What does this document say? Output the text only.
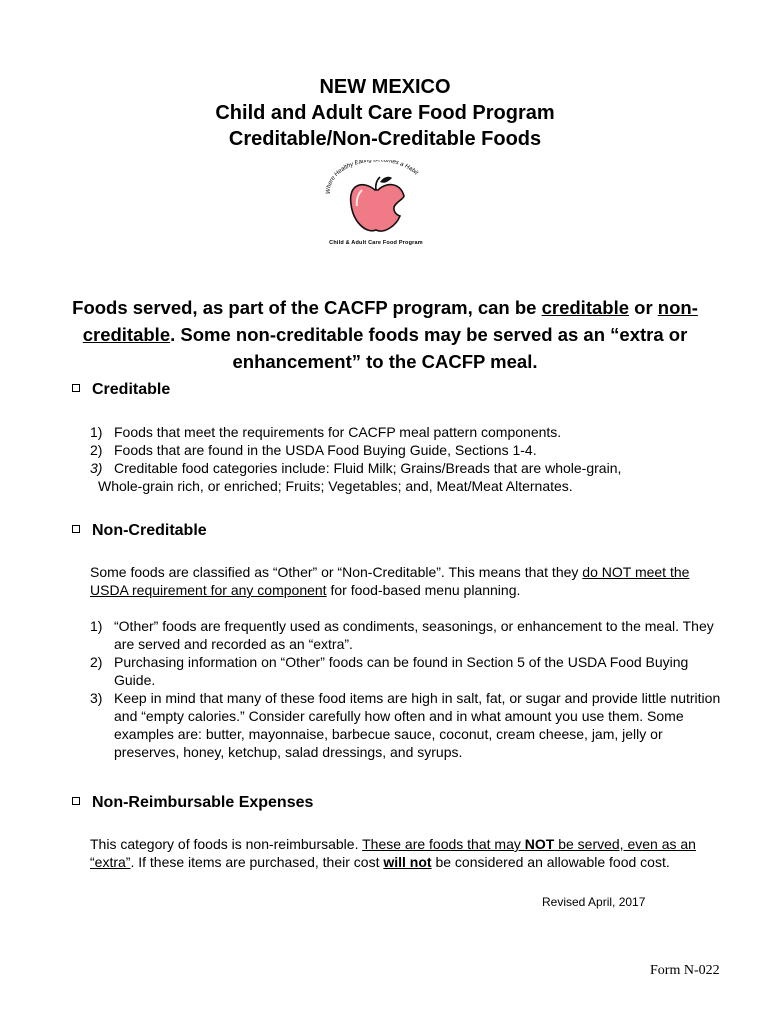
NEW MEXICO
Child and Adult Care Food Program
Creditable/Non-Creditable Foods
Where Healthy Eating Becomes a Habit
Child & Adult Care Food Program
Foods served, as part of the CACFP program, can be creditable or non-creditable. Some non-creditable foods may be served as an “extra or enhancement” to the CACFP meal.
Creditable
1) Foods that meet the requirements for CACFP meal pattern components.
2) Foods that are found in the USDA Food Buying Guide, Sections 1-4.
3) Creditable food categories include: Fluid Milk; Grains/Breads that are whole-grain,
Whole-grain rich, or enriched; Fruits; Vegetables; and, Meat/Meat Alternates.
Non-Creditable
Some foods are classified as “Other” or “Non-Creditable”. This means that they do NOT meet the USDA requirement for any component for food-based menu planning.
1) “Other” foods are frequently used as condiments, seasonings, or enhancement to the meal. They are served and recorded as an “extra”.
2) Purchasing information on “Other” foods can be found in Section 5 of the USDA Food Buying Guide.
3) Keep in mind that many of these food items are high in salt, fat, or sugar and provide little nutrition and “empty calories.” Consider carefully how often and in what amount you use them. Some examples are: butter, mayonnaise, barbecue sauce, coconut, cream cheese, jam, jelly or preserves, honey, ketchup, salad dressings, and syrups.
Non-Reimbursable Expenses
This category of foods is non-reimbursable. These are foods that may NOT be served, even as an “extra”. If these items are purchased, their cost will not be considered an allowable food cost.
Revised April, 2017
Form N-022
